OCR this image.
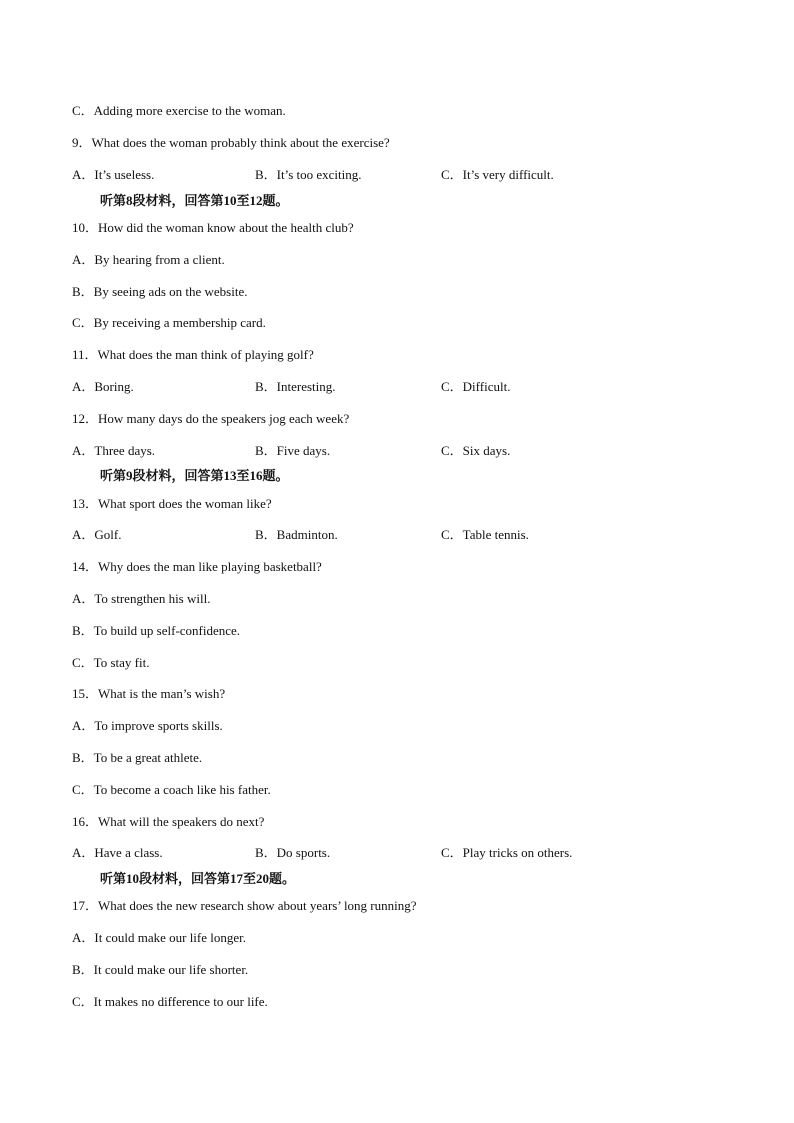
C．Adding more exercise to the woman.
9．What does the woman probably think about the exercise?
A．It’s useless.	B．It’s too exciting.	C．It’s very difficult.
听第8段材料，回答第10至12题。
10．How did the woman know about the health club?
A．By hearing from a client.
B．By seeing ads on the website.
C．By receiving a membership card.
11．What does the man think of playing golf?
A．Boring.	B．Interesting.	C．Difficult.
12．How many days do the speakers jog each week?
A．Three days.	B．Five days.	C．Six days.
听第9段材料，回答第13至16题。
13．What sport does the woman like?
A．Golf.	B．Badminton.	C．Table tennis.
14．Why does the man like playing basketball?
A．To strengthen his will.
B．To build up self-confidence.
C．To stay fit.
15．What is the man’s wish?
A．To improve sports skills.
B．To be a great athlete.
C．To become a coach like his father.
16．What will the speakers do next?
A．Have a class.	B．Do sports.	C．Play tricks on others.
听第10段材料，回答第17至20题。
17．What does the new research show about years’ long running?
A．It could make our life longer.
B．It could make our life shorter.
C．It makes no difference to our life.
